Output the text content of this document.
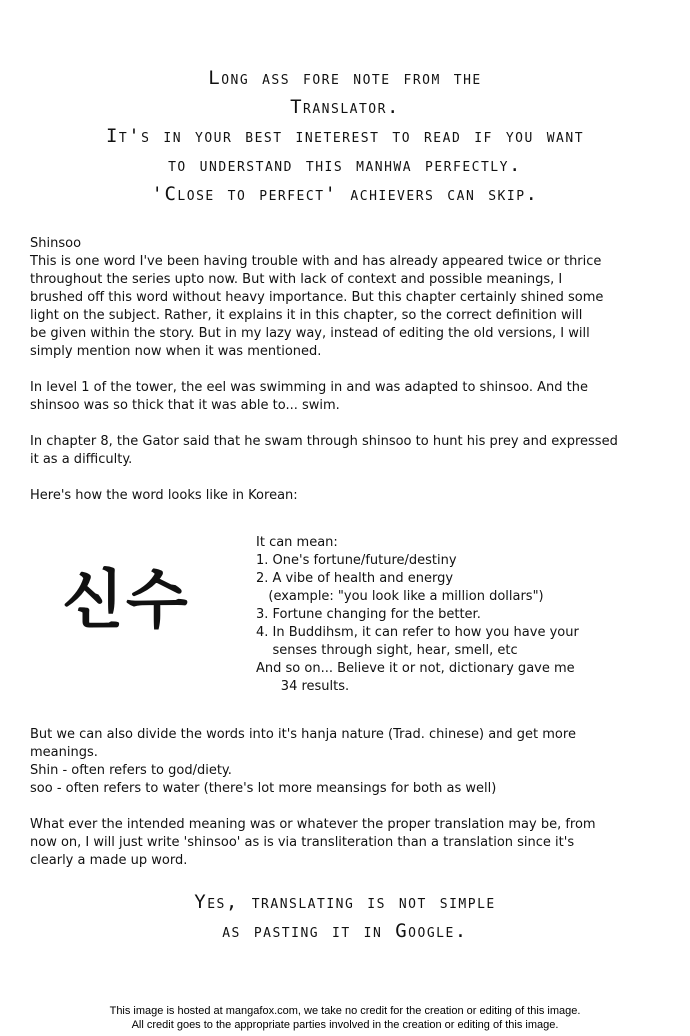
Long ass fore note from the
Translator.
It's in your best ineterest to read if you want
to understand this manhwa perfectly.
'Close to perfect' achievers can skip.
Shinsoo
This is one word I've been having trouble with and has already appeared twice or thrice
throughout the series upto now. But with lack of context and possible meanings, I
brushed off this word without heavy importance. But this chapter certainly shined some
light on the subject. Rather, it explains it in this chapter, so the correct definition will
be given within the story. But in my lazy way, instead of editing the old versions, I will
simply mention now when it was mentioned.
In level 1 of the tower, the eel was swimming in and was adapted to shinsoo. And the
shinsoo was so thick that it was able to... swim.
In chapter 8, the Gator said that he swam through shinsoo to hunt his prey and expressed
it as a difficulty.
Here's how the word looks like in Korean:
신수
It can mean:
1. One's fortune/future/destiny
2. A vibe of health and energy
(example: "you look like a million dollars")
3. Fortune changing for the better.
4. In Buddihsm, it can refer to how you have your
senses through sight, hear, smell, etc
And so on... Believe it or not, dictionary gave me
34 results.
But we can also divide the words into it's hanja nature (Trad. chinese) and get more
meanings.
Shin - often refers to god/diety.
soo - often refers to water (there's lot more meansings for both as well)
What ever the intended meaning was or whatever the proper translation may be, from
now on, I will just write 'shinsoo' as is via transliteration than a translation since it's
clearly a made up word.
Yes, translating is not simple
as pasting it in Google.
This image is hosted at mangafox.com, we take no credit for the creation or editing of this image.
All credit goes to the appropriate parties involved in the creation or editing of this image.
